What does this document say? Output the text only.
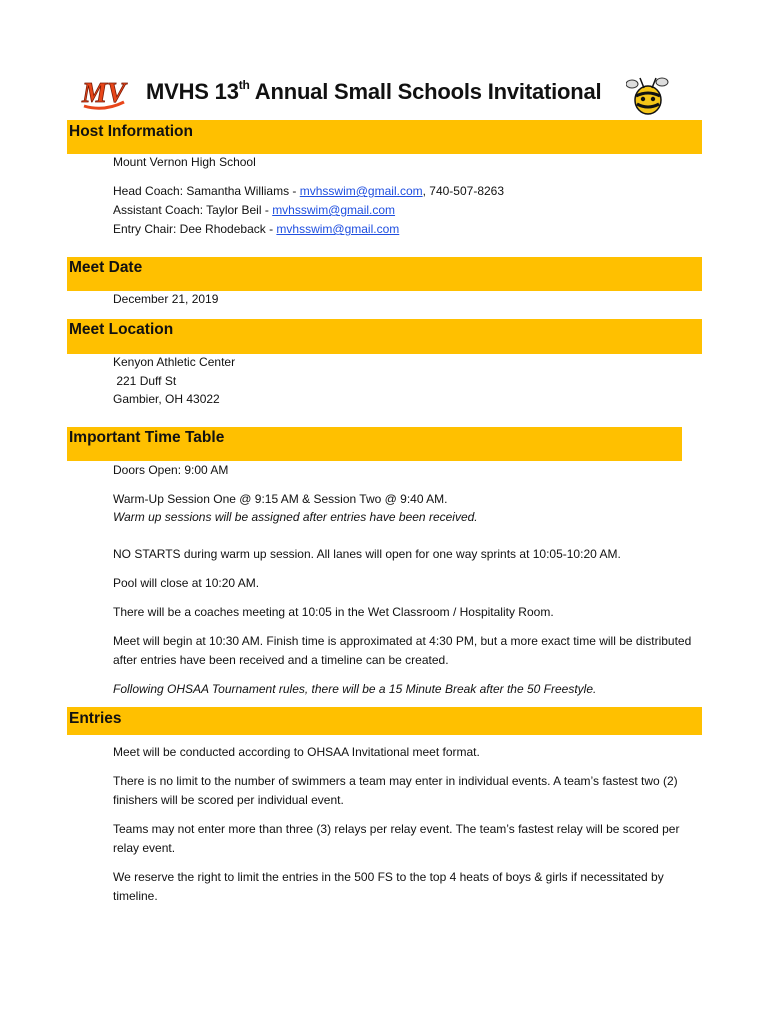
MV MVHS 13th Annual Small Schools Invitational
Host Information
Mount Vernon High School
Head Coach: Samantha Williams - mvhsswim@gmail.com, 740-507-8263
Assistant Coach: Taylor Beil - mvhsswim@gmail.com
Entry Chair: Dee Rhodeback - mvhsswim@gmail.com
Meet Date
December 21, 2019
Meet Location
Kenyon Athletic Center
221 Duff St
Gambier, OH 43022
Important Time Table
Doors Open: 9:00 AM
Warm-Up Session One @ 9:15 AM & Session Two @ 9:40 AM.
Warm up sessions will be assigned after entries have been received.
NO STARTS during warm up session. All lanes will open for one way sprints at 10:05-10:20 AM.
Pool will close at 10:20 AM.
There will be a coaches meeting at 10:05 in the Wet Classroom / Hospitality Room.
Meet will begin at 10:30 AM. Finish time is approximated at 4:30 PM, but a more exact time will be distributed after entries have been received and a timeline can be created.
Following OHSAA Tournament rules, there will be a 15 Minute Break after the 50 Freestyle.
Entries
Meet will be conducted according to OHSAA Invitational meet format.
There is no limit to the number of swimmers a team may enter in individual events. A team’s fastest two (2) finishers will be scored per individual event.
Teams may not enter more than three (3) relays per relay event. The team’s fastest relay will be scored per relay event.
We reserve the right to limit the entries in the 500 FS to the top 4 heats of boys & girls if necessitated by timeline.
